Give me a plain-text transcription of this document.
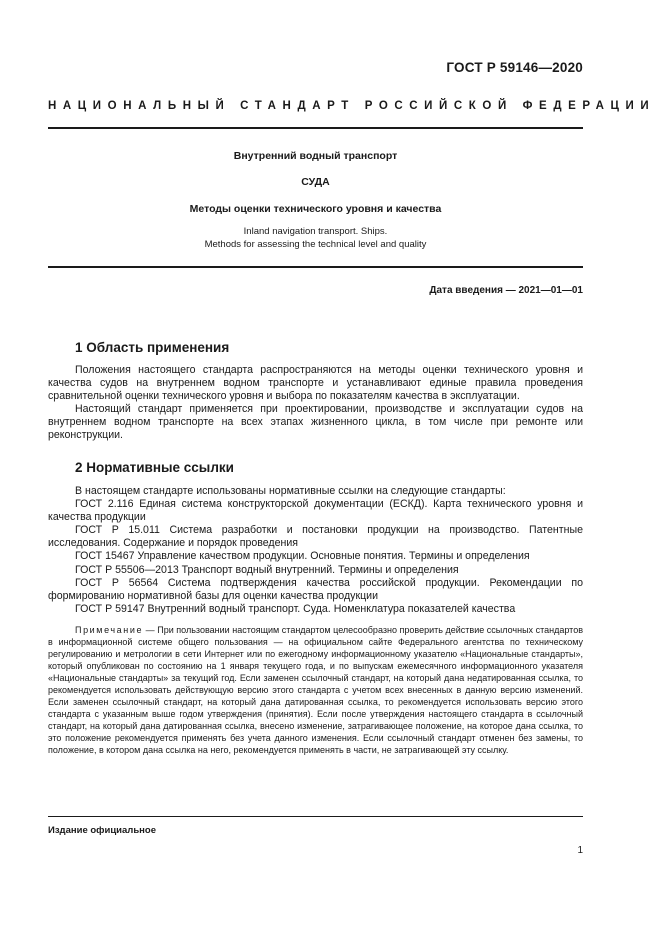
ГОСТ Р 59146—2020
НАЦИОНАЛЬНЫЙ СТАНДАРТ РОССИЙСКОЙ ФЕДЕРАЦИИ
Внутренний водный транспорт
СУДА
Методы оценки технического уровня и качества
Inland navigation transport. Ships.
Methods for assessing the technical level and quality
Дата введения — 2021—01—01
1 Область применения

Положения настоящего стандарта распространяются на методы оценки технического уровня и качества судов на внутреннем водном транспорте и устанавливают единые правила проведения сравнительной оценки технического уровня и выбора по показателям качества в эксплуатации.

Настоящий стандарт применяется при проектировании, производстве и эксплуатации судов на внутреннем водном транспорте на всех этапах жизненного цикла, в том числе при ремонте или реконструкции.

2 Нормативные ссылки

В настоящем стандарте использованы нормативные ссылки на следующие стандарты:

ГОСТ 2.116 Единая система конструкторской документации (ЕСКД). Карта технического уровня и качества продукции

ГОСТ Р 15.011 Система разработки и постановки продукции на производство. Патентные исследования. Содержание и порядок проведения

ГОСТ 15467 Управление качеством продукции. Основные понятия. Термины и определения

ГОСТ Р 55506—2013 Транспорт водный внутренний. Термины и определения

ГОСТ Р 56564 Система подтверждения качества российской продукции. Рекомендации по формированию нормативной базы для оценки качества продукции

ГОСТ Р 59147 Внутренний водный транспорт. Суда. Номенклатура показателей качества

Примечание — При пользовании настоящим стандартом целесообразно проверить действие ссылочных стандартов в информационной системе общего пользования — на официальном сайте Федерального агентства по техническому регулированию и метрологии в сети Интернет или по ежегодному информационному указателю «Национальные стандарты», который опубликован по состоянию на 1 января текущего года, и по выпускам ежемесячного информационного указателя «Национальные стандарты» за текущий год. Если заменен ссылочный стандарт, на который дана недатированная ссылка, то рекомендуется использовать действующую версию этого стандарта с учетом всех внесенных в данную версию изменений. Если заменен ссылочный стандарт, на который дана датированная ссылка, то рекомендуется использовать версию этого стандарта с указанным выше годом утверждения (принятия). Если после утверждения настоящего стандарта в ссылочный стандарт, на который дана датированная ссылка, внесено изменение, затрагивающее положение, на которое дана ссылка, то это положение рекомендуется применять без учета данного изменения. Если ссылочный стандарт отменен без замены, то положение, в котором дана ссылка на него, рекомендуется применять в части, не затрагивающей эту ссылку.

Издание официальное
1
